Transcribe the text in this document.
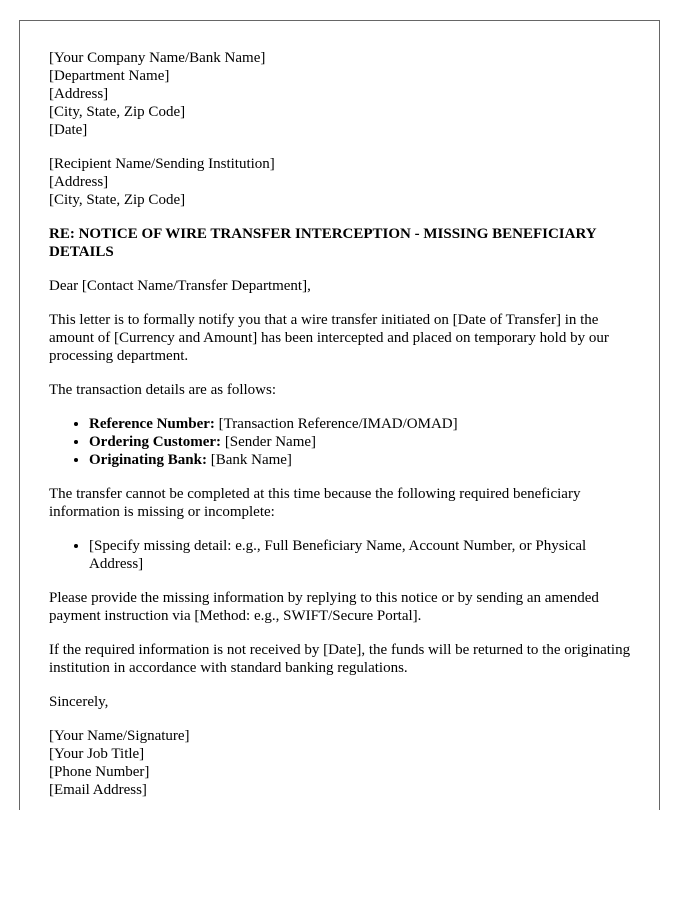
[Your Company Name/Bank Name]
[Department Name]
[Address]
[City, State, Zip Code]
[Date]
[Recipient Name/Sending Institution]
[Address]
[City, State, Zip Code]
RE: NOTICE OF WIRE TRANSFER INTERCEPTION - MISSING BENEFICIARY DETAILS

Dear [Contact Name/Transfer Department],

This letter is to formally notify you that a wire transfer initiated on [Date of Transfer] in the amount of [Currency and Amount] has been intercepted and placed on temporary hold by our processing department.

The transaction details are as follows:

• Reference Number: [Transaction Reference/IMAD/OMAD]
• Ordering Customer: [Sender Name]
• Originating Bank: [Bank Name]

The transfer cannot be completed at this time because the following required beneficiary information is missing or incomplete:

• [Specify missing detail: e.g., Full Beneficiary Name, Account Number, or Physical Address]

Please provide the missing information by replying to this notice or by sending an amended payment instruction via [Method: e.g., SWIFT/Secure Portal].

If the required information is not received by [Date], the funds will be returned to the originating institution in accordance with standard banking regulations.

Sincerely,

[Your Name/Signature]
[Your Job Title]
[Phone Number]
[Email Address]
